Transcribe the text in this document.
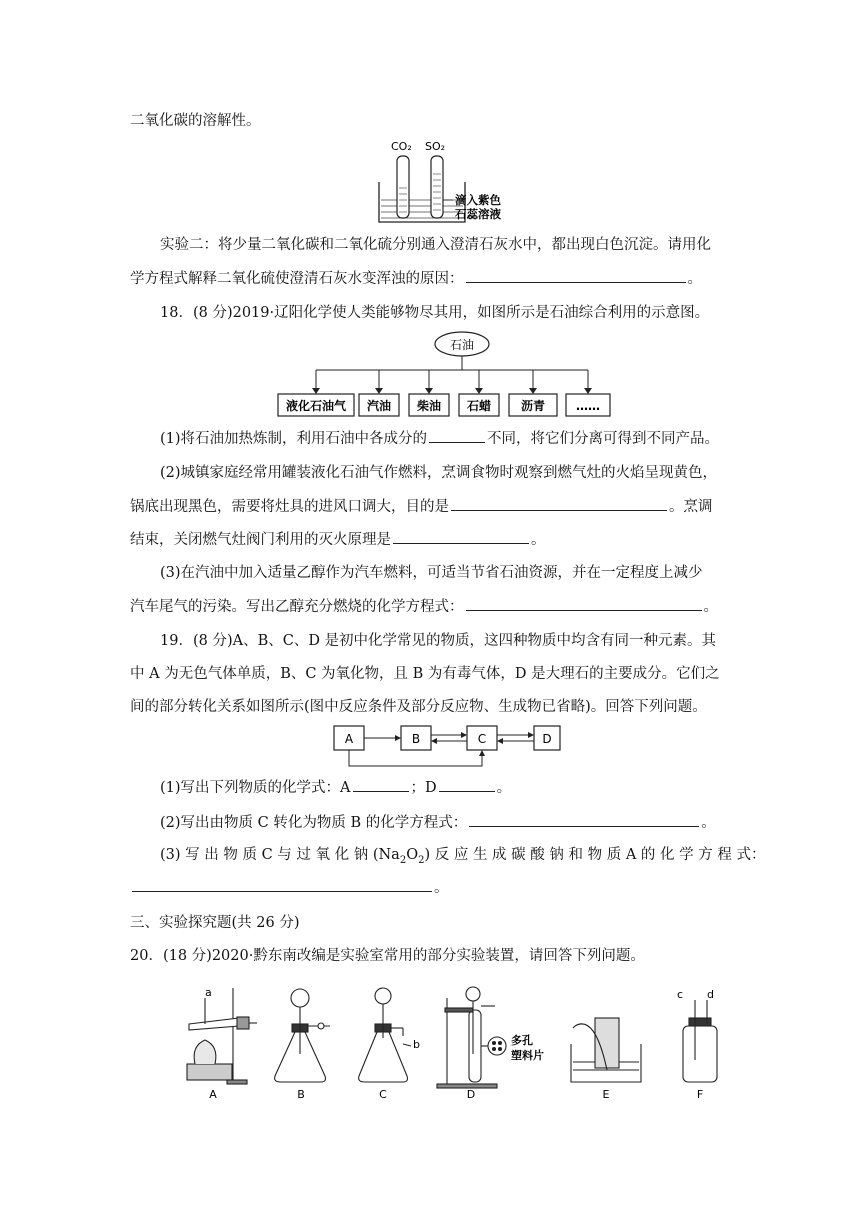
二氧化碳的溶解性。
CO₂ SO₂
滴入紫色
石蕊溶液
实验二：将少量二氧化碳和二氧化硫分别通入澄清石灰水中，都出现白色沉淀。请用化
学方程式解释二氧化硫使澄清石灰水变浑浊的原因：	。
18．(8 分)2019·辽阳化学使人类能够物尽其用，如图所示是石油综合利用的示意图。
石油
液化石油气 汽油 柴油 石蜡 沥青	……
(1)将石油加热炼制，利用石油中各成分的	不同，将它们分离可得到不同产品。
(2)城镇家庭经常用罐装液化石油气作燃料，烹调食物时观察到燃气灶的火焰呈现黄色，
锅底出现黑色，需要将灶具的进风口调大，目的是	。烹调
结束，关闭燃气灶阀门利用的灭火原理是	。
(3)在汽油中加入适量乙醇作为汽车燃料，可适当节省石油资源，并在一定程度上减少
汽车尾气的污染。写出乙醇充分燃烧的化学方程式：	。
19．(8 分)A、B、C、D 是初中化学常见的物质，这四种物质中均含有同一种元素。其
中 A 为无色气体单质，B、C 为氧化物，且 B 为有毒气体，D 是大理石的主要成分。它们之
间的部分转化关系如图所示(图中反应条件及部分反应物、生成物已省略)。回答下列问题。
A	B	C	D
(1)写出下列物质的化学式：A	；D	。
(2)写出由物质 C 转化为物质 B 的化学方程式：	。
(3) 写 出 物 质 C 与 过 氧 化 钠 $(Na_2O_2)$ 反 应 生 成 碳 酸 钠 和 物 质 A 的 化 学 方 程 式：
。
三、实验探究题(共 26 分)
20．(18 分)2020·黔东南改编是实验室常用的部分实验装置，请回答下列问题。
a
b
c d
多孔
塑料片
A	B	C	D	E	F
